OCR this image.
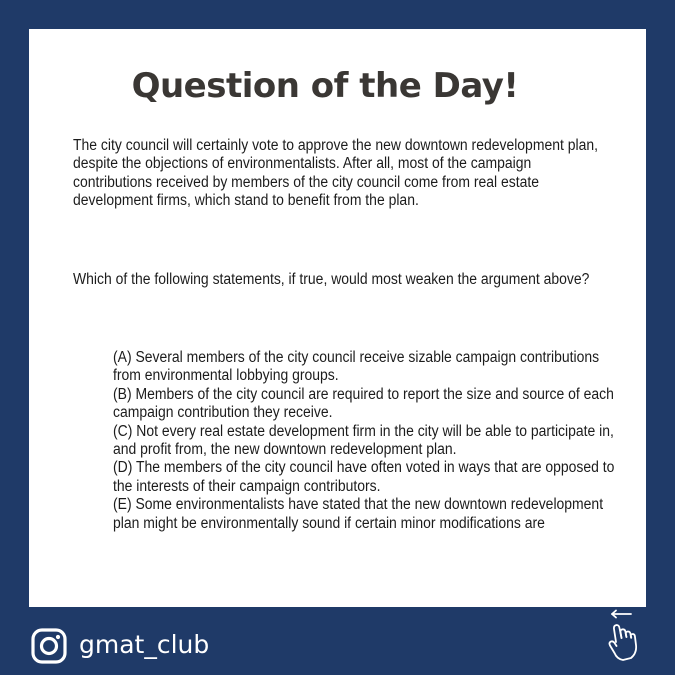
Question of the Day!

The city council will certainly vote to approve the new downtown redevelopment plan, despite the objections of environmentalists. After all, most of the campaign contributions received by members of the city council come from real estate development firms, which stand to benefit from the plan.

Which of the following statements, if true, would most weaken the argument above?

(A) Several members of the city council receive sizable campaign contributions from environmental lobbying groups.
(B) Members of the city council are required to report the size and source of each campaign contribution they receive.
(C) Not every real estate development firm in the city will be able to participate in, and profit from, the new downtown redevelopment plan.
(D) The members of the city council have often voted in ways that are opposed to the interests of their campaign contributors.
(E) Some environmentalists have stated that the new downtown redevelopment plan might be environmentally sound if certain minor modifications are
gmat_club
